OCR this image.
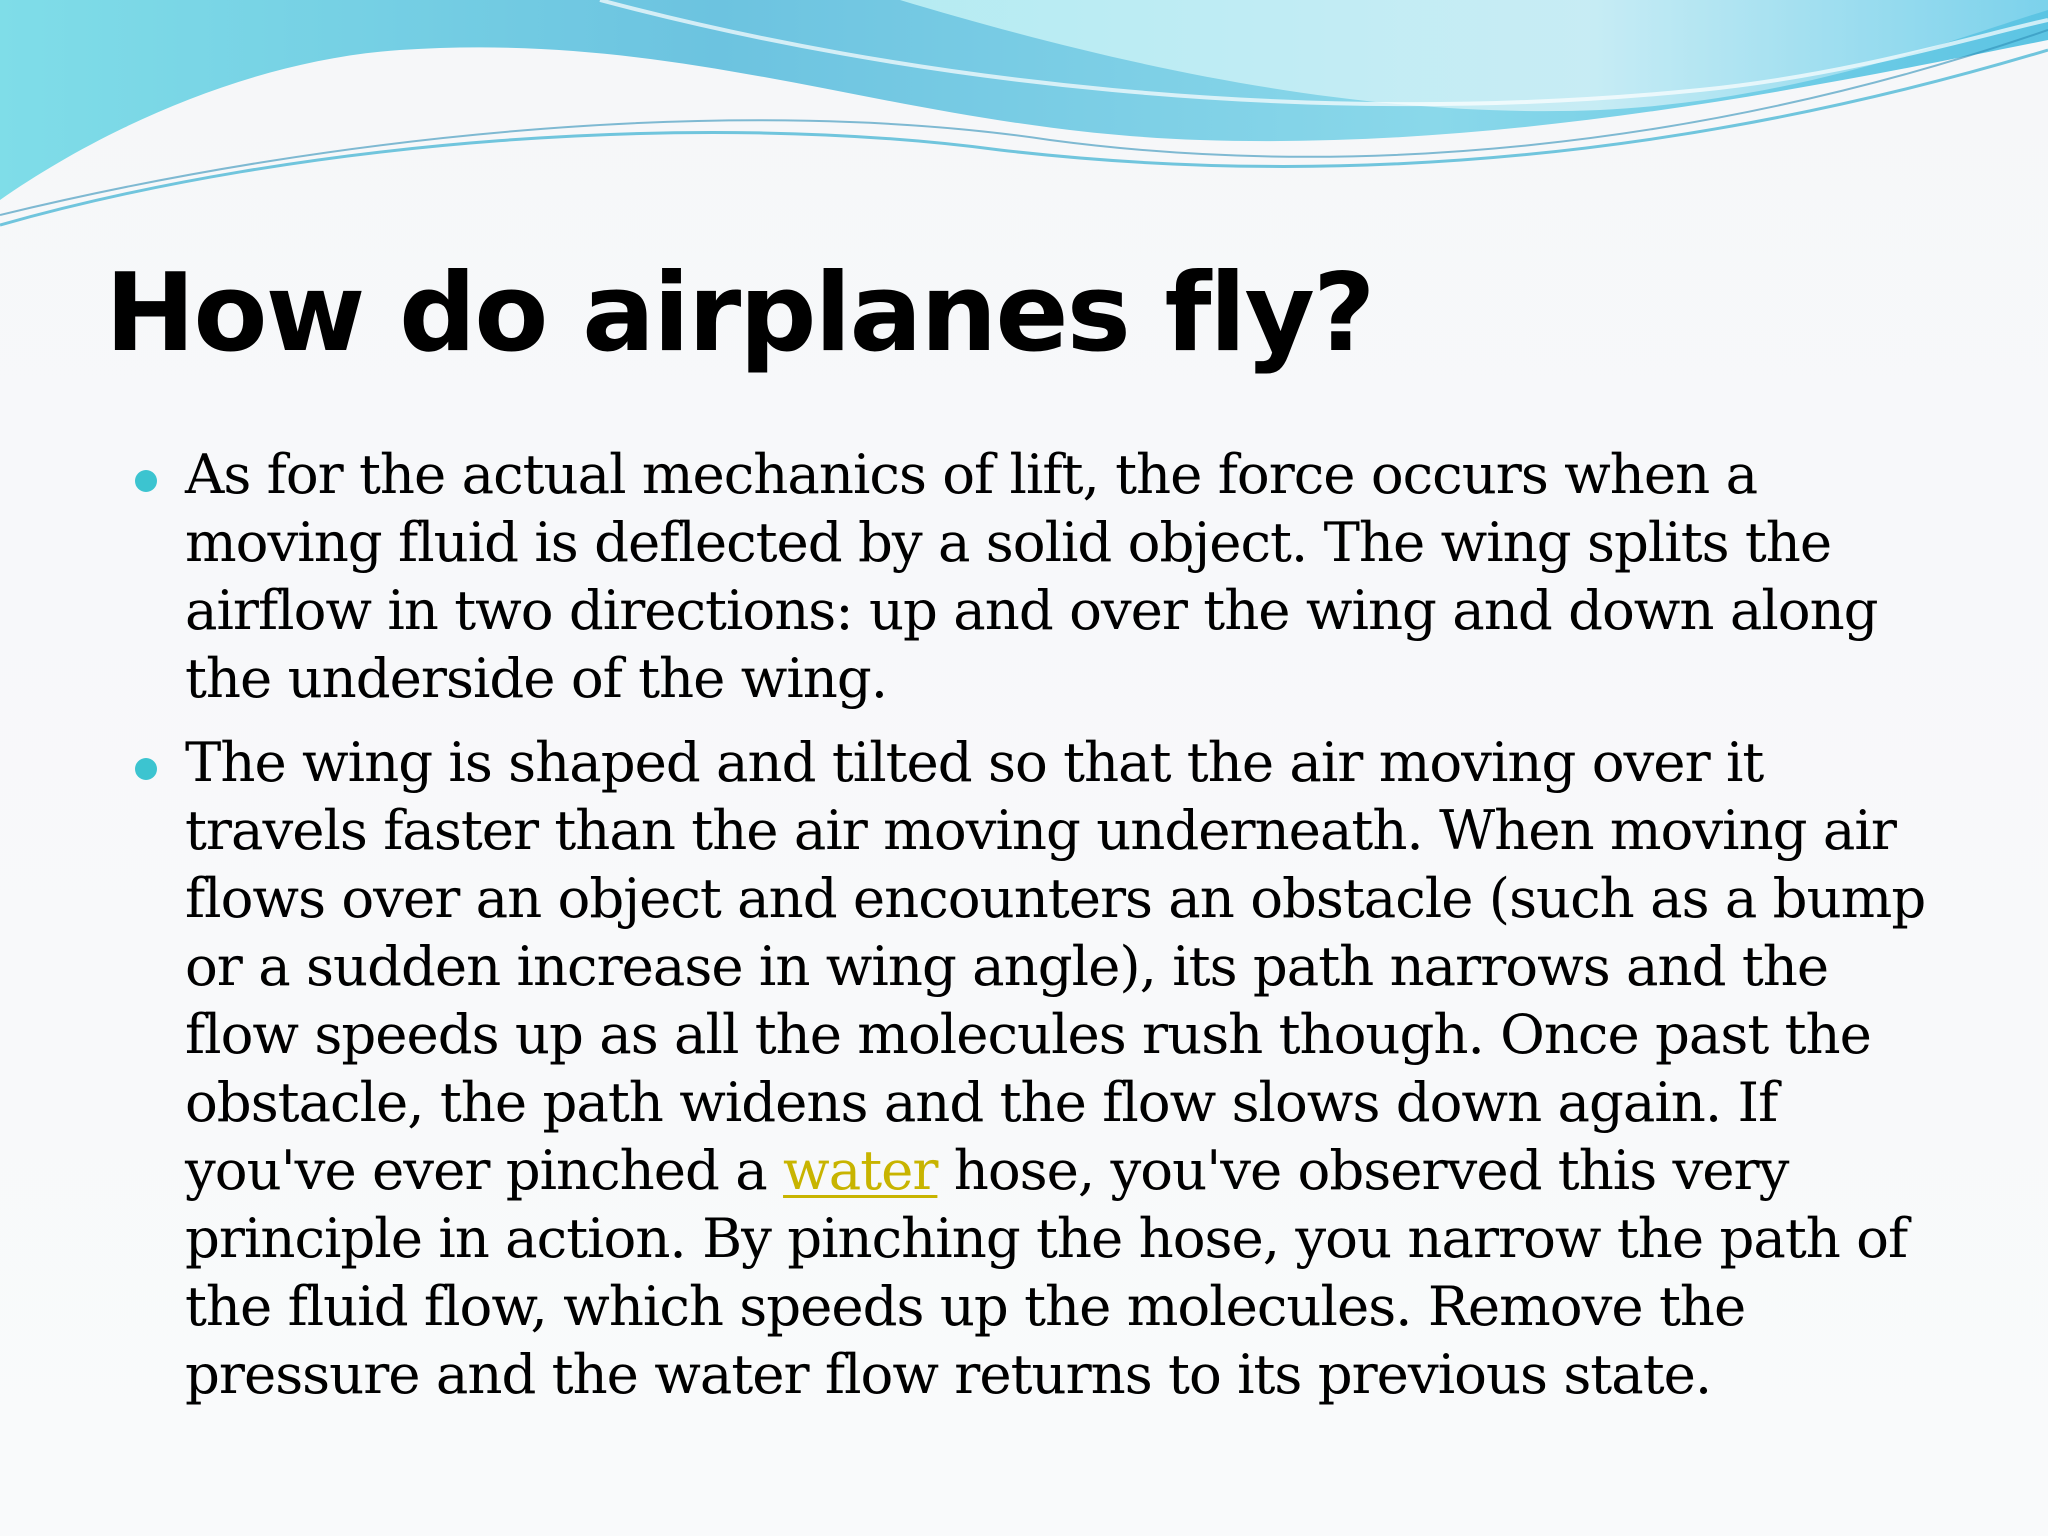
How do airplanes fly?
As for the actual mechanics of lift, the force occurs when a moving fluid is deflected by a solid object. The wing splits the airflow in two directions: up and over the wing and down along the underside of the wing.
The wing is shaped and tilted so that the air moving over it travels faster than the air moving underneath. When moving air flows over an object and encounters an obstacle (such as a bump or a sudden increase in wing angle), its path narrows and the flow speeds up as all the molecules rush though. Once past the obstacle, the path widens and the flow slows down again. If you've ever pinched a water hose, you've observed this very principle in action. By pinching the hose, you narrow the path of the fluid flow, which speeds up the molecules. Remove the pressure and the water flow returns to its previous state.
